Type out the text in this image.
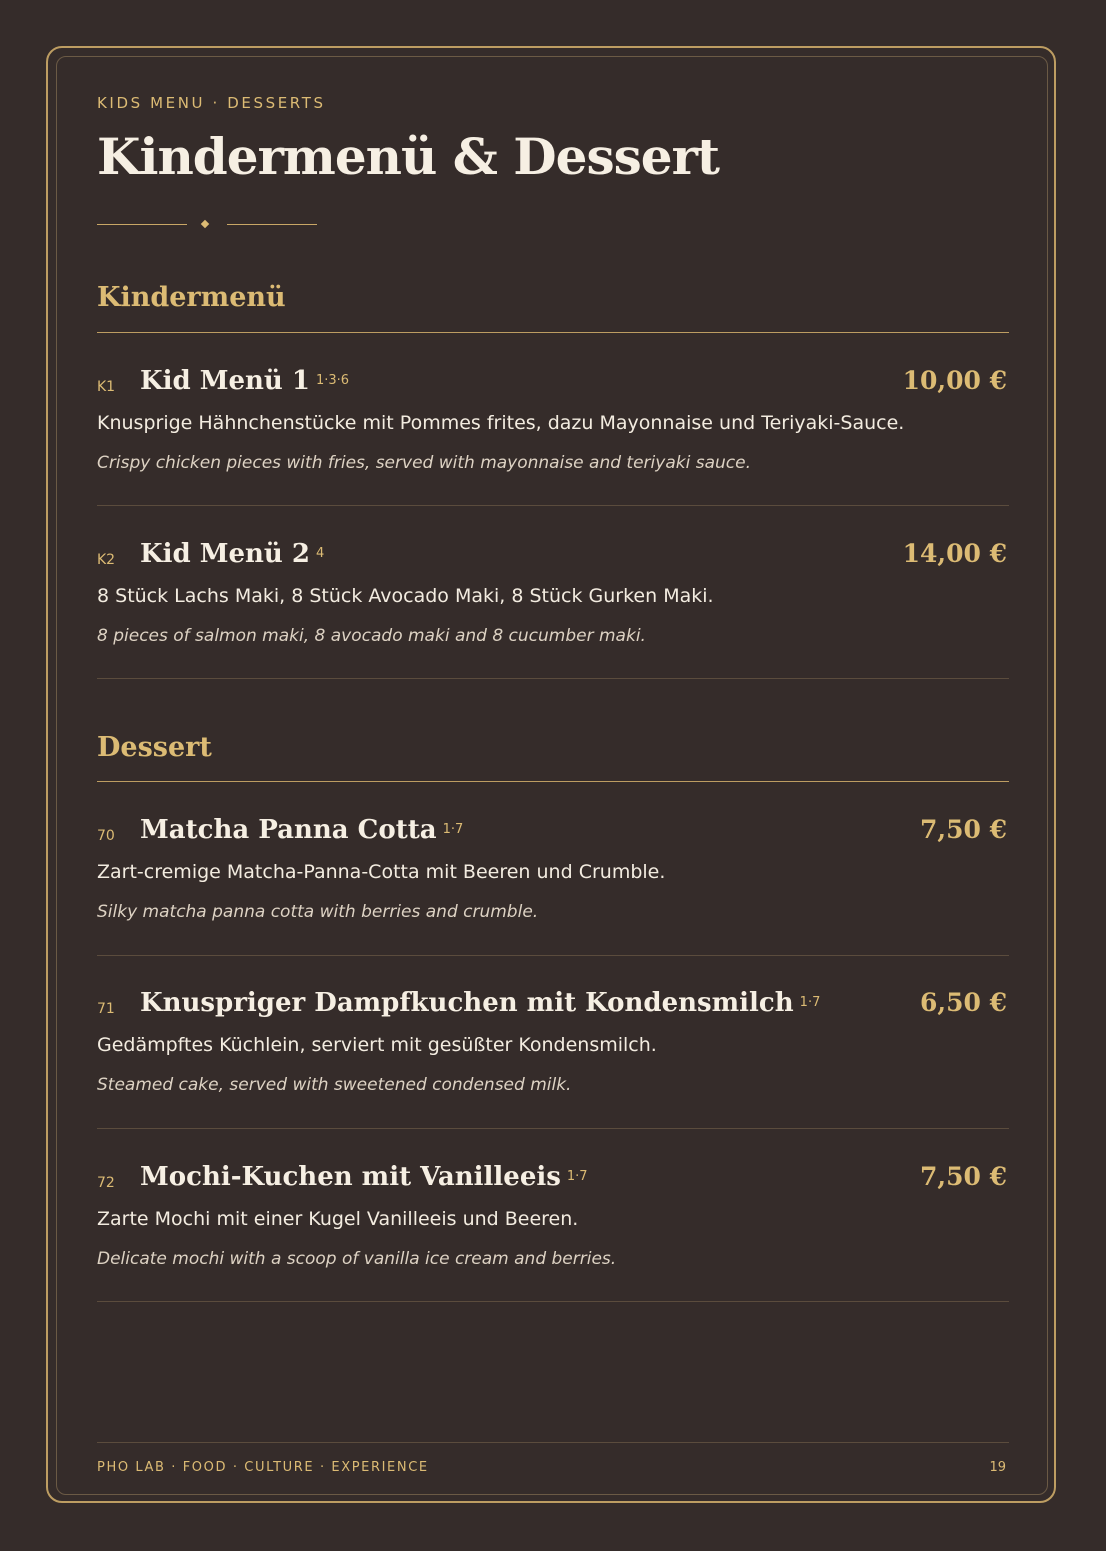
KIDS MENU · DESSERTS
Kindermenü & Dessert
Kindermenü
K1 Kid Menü 1 1·3·6	10,00 €
Knusprige Hähnchenstücke mit Pommes frites, dazu Mayonnaise und Teriyaki-Sauce.
Crispy chicken pieces with fries, served with mayonnaise and teriyaki sauce.
K2 Kid Menü 2 4	14,00 €
8 Stück Lachs Maki, 8 Stück Avocado Maki, 8 Stück Gurken Maki.
8 pieces of salmon maki, 8 avocado maki and 8 cucumber maki.
Dessert
70 Matcha Panna Cotta 1·7	7,50 €
Zart-cremige Matcha-Panna-Cotta mit Beeren und Crumble.
Silky matcha panna cotta with berries and crumble.
71 Knuspriger Dampfkuchen mit Kondensmilch 1·7	6,50 €
Gedämpftes Küchlein, serviert mit gesüßter Kondensmilch.
Steamed cake, served with sweetened condensed milk.
72 Mochi-Kuchen mit Vanilleeis 1·7	7,50 €
Zarte Mochi mit einer Kugel Vanilleeis und Beeren.
Delicate mochi with a scoop of vanilla ice cream and berries.
PHO LAB · FOOD · CULTURE · EXPERIENCE	19
